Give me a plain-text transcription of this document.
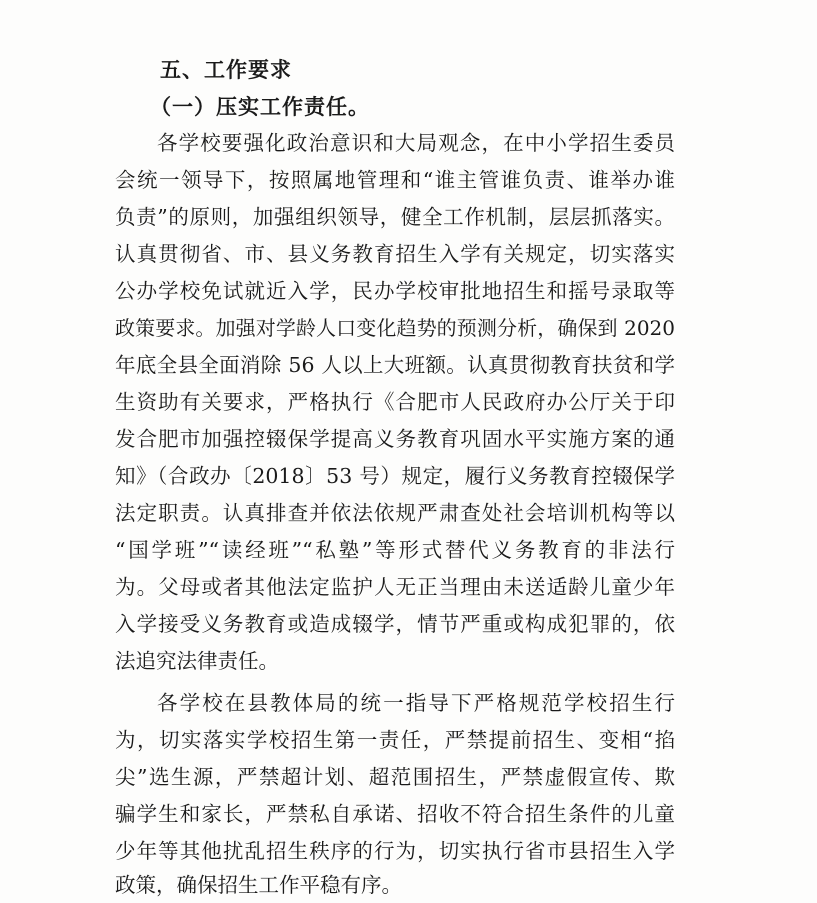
五、工作要求
（一）压实工作责任。
各学校要强化政治意识和大局观念，在中小学招生委员
会统一领导下，按照属地管理和“谁主管谁负责、谁举办谁
负责”的原则，加强组织领导，健全工作机制，层层抓落实。
认真贯彻省、市、县义务教育招生入学有关规定，切实落实
公办学校免试就近入学，民办学校审批地招生和摇号录取等
政策要求。加强对学龄人口变化趋势的预测分析，确保到 2020
年底全县全面消除 56 人以上大班额。认真贯彻教育扶贫和学
生资助有关要求，严格执行《合肥市人民政府办公厅关于印
发合肥市加强控辍保学提高义务教育巩固水平实施方案的通
知》（合政办〔2018〕53 号）规定，履行义务教育控辍保学
法定职责。认真排查并依法依规严肃查处社会培训机构等以
“国学班”“读经班”“私塾”等形式替代义务教育的非法行
为。父母或者其他法定监护人无正当理由未送适龄儿童少年
入学接受义务教育或造成辍学，情节严重或构成犯罪的，依
法追究法律责任。
各学校在县教体局的统一指导下严格规范学校招生行
为，切实落实学校招生第一责任，严禁提前招生、变相“掐
尖”选生源，严禁超计划、超范围招生，严禁虚假宣传、欺
骗学生和家长，严禁私自承诺、招收不符合招生条件的儿童
少年等其他扰乱招生秩序的行为，切实执行省市县招生入学
政策，确保招生工作平稳有序。
